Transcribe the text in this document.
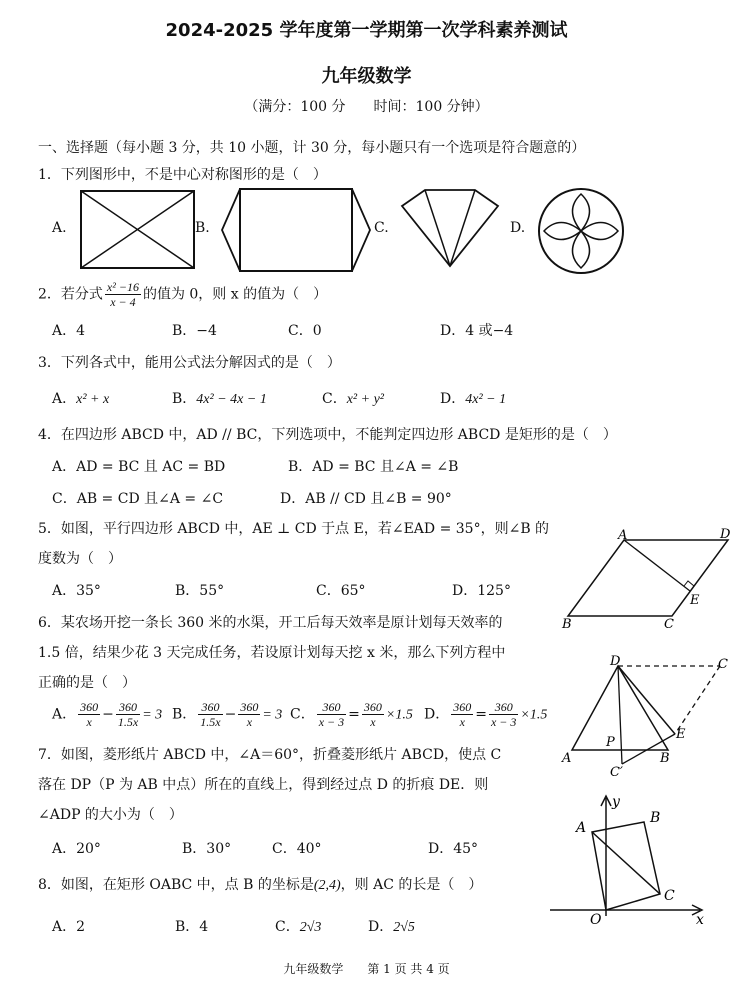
2024-2025 学年度第一学期第一次学科素养测试
九年级数学
（满分：100 分　　时间：100 分钟）
一、选择题（每小题 3 分，共 10 小题，计 30 分，每小题只有一个选项是符合题意的）
1．下列图形中，不是中心对称图形的是（　）
A.	B.	C.	D.
2．若分式 $\frac{\text{x² −16}}{x - 4}$ 的值为 0，则 x 的值为（　）
A．4	B．−4	C．0	D．4 或−4
3．下列各式中，能用公式法分解因式的是（　）
A．x² + x	B．4x² − 4x − 1	C．x² + y²	D．4x² − 1
4．在四边形 ABCD 中，AD // BC，下列选项中，不能判定四边形 ABCD 是矩形的是（　）
A．AD = BC 且 AC = BD	B．AD = BC 且∠A = ∠B
C．AB = CD 且∠A = ∠C	D．AB // CD 且∠B = 90°
5．如图，平行四边形 ABCD 中，AE ⊥ CD 于点 E，若∠EAD = 35°，则∠B 的
度数为（　）
A．35°	B．55°	C．65°	D．125°
A	D
E
B	C
6．某农场开挖一条长 360 米的水渠，开工后每天效率是原计划每天效率的
1.5 倍，结果少花 3 天完成任务，若设原计划每天挖 x 米，那么下列方程中
正确的是（　）
A． $\frac{360}{x} - \frac{360}{1.5x} = 3$ B． $\frac{360}{1.5x} - \frac{360}{x} = 3$ C． $\frac{360}{x - 3} = \frac{360}{x} \times 1.5$ D． $\frac{360}{x} = \frac{360}{x - 3} \times 1.5$
D	C
P
E
A
C′
B
7．如图，菱形纸片 ABCD 中，∠A＝60°，折叠菱形纸片 ABCD，使点 C
落在 DP（P 为 AB 中点）所在的直线上，得到经过点 D 的折痕 DE．则
∠ADP 的大小为（　）
A．20°	B．30°	C．40°	D．45°
8．如图，在矩形 OABC 中，点 B 的坐标是(2,4)，则 AC 的长是（　）
A．2	B．4	C．2√3	D．2√5
y
A
B
C
O	x
九年级数学　　第 1 页 共 4 页
